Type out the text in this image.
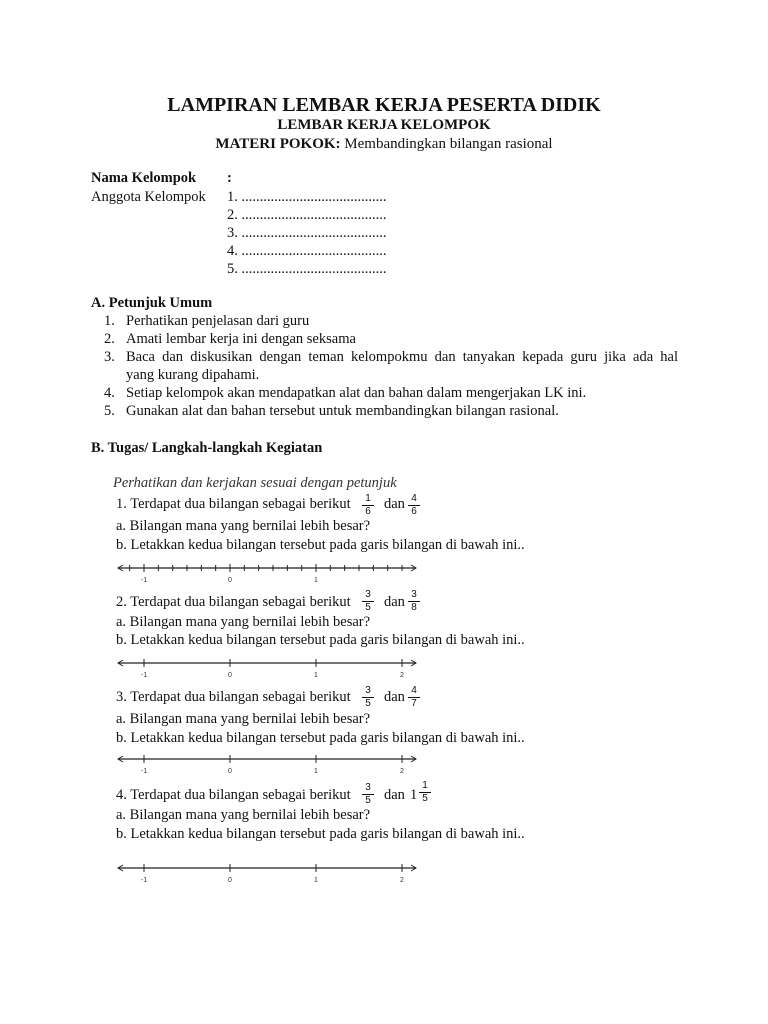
LAMPIRAN LEMBAR KERJA PESERTA DIDIK
LEMBAR KERJA KELOMPOK
MATERI POKOK: Membandingkan bilangan rasional
Nama Kelompok :
Anggota Kelompok 1. ........................................
2. ........................................
3. ........................................
4. ........................................
5. ........................................
A. Petunjuk Umum
1. Perhatikan penjelasan dari guru
2. Amati lembar kerja ini dengan seksama
3. Baca dan diskusikan dengan teman kelompokmu dan tanyakan kepada guru jika ada hal
yang kurang dipahami.
4. Setiap kelompok akan mendapatkan alat dan bahan dalam mengerjakan LK ini.
5. Gunakan alat dan bahan tersebut untuk membandingkan bilangan rasional.
B. Tugas/ Langkah-langkah Kegiatan
Perhatikan dan kerjakan sesuai dengan petunjuk
1. Terdapat dua bilangan sebagai berikut $\frac{1}{6}$ dan $\frac{4}{6}$
a. Bilangan mana yang bernilai lebih besar?
b. Letakkan kedua bilangan tersebut pada garis bilangan di bawah ini..
-1	0	1
2. Terdapat dua bilangan sebagai berikut $\frac{3}{5}$ dan $\frac{3}{8}$
a. Bilangan mana yang bernilai lebih besar?
b. Letakkan kedua bilangan tersebut pada garis bilangan di bawah ini..
-1	0	1	2
3. Terdapat dua bilangan sebagai berikut $\frac{3}{5}$ dan $\frac{4}{7}$
a. Bilangan mana yang bernilai lebih besar?
b. Letakkan kedua bilangan tersebut pada garis bilangan di bawah ini..
-1	0	1	2
4. Terdapat dua bilangan sebagai berikut $\frac{3}{5}$ dan $1 \frac{1}{5}$
a. Bilangan mana yang bernilai lebih besar?
b. Letakkan kedua bilangan tersebut pada garis bilangan di bawah ini..
-1	0	1	2
